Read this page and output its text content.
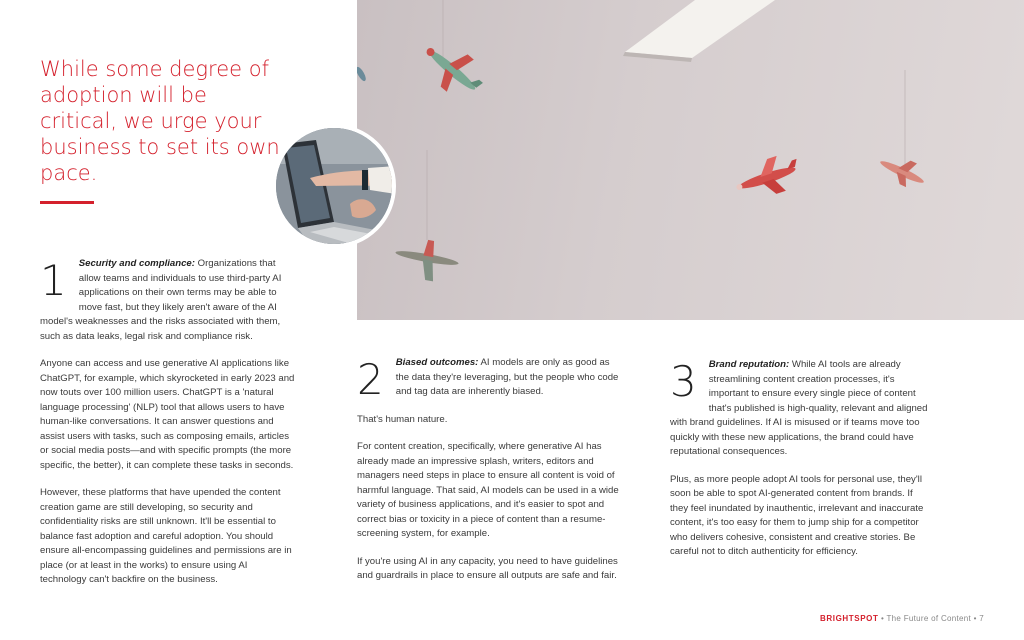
While some degree of adoption will be critical, we urge your business to set its own pace.

1 Security and compliance: Organizations that allow teams and individuals to use third-party AI applications on their own terms may be able to move fast, but they likely aren't aware of the AI model's weaknesses and the risks associated with them, such as data leaks, legal risk and compliance risk.

Anyone can access and use generative AI applications like ChatGPT, for example, which skyrocketed in early 2023 and now touts over 100 million users. ChatGPT is a 'natural language processing' (NLP) tool that allows users to have human-like conversations. It can answer questions and assist users with tasks, such as composing emails, articles or social media posts—and with specific prompts (the more specific, the better), it can complete these tasks in seconds.

However, these platforms that have upended the content creation game are still developing, so security and confidentiality risks are still unknown. It'll be essential to balance fast adoption and careful adoption. You should ensure all-encompassing guidelines and permissions are in place (or at least in the works) to ensure using AI technology can't backfire on the business.

2 Biased outcomes: AI models are only as good as the data they're leveraging, but the people who code and tag data are inherently biased.

That's human nature.

For content creation, specifically, where generative AI has already made an impressive splash, writers, editors and managers need steps in place to ensure all content is void of harmful language. That said, AI models can be used in a wide variety of business applications, and it's easier to spot and correct bias or toxicity in a piece of content than a resume-screening system, for example.

If you're using AI in any capacity, you need to have guidelines and guardrails in place to ensure all outputs are safe and fair.

3 Brand reputation: While AI tools are already streamlining content creation processes, it's important to ensure every single piece of content that's published is high-quality, relevant and aligned with brand guidelines. If AI is misused or if teams move too quickly with these new applications, the brand could have reputational consequences.

Plus, as more people adopt AI tools for personal use, they'll soon be able to spot AI-generated content from brands. If they feel inundated by inauthentic, irrelevant and inaccurate content, it's too easy for them to jump ship for a competitor who delivers cohesive, consistent and creative stories. Be careful not to ditch authenticity for efficiency.

BRIGHTSPOT • The Future of Content • 7
